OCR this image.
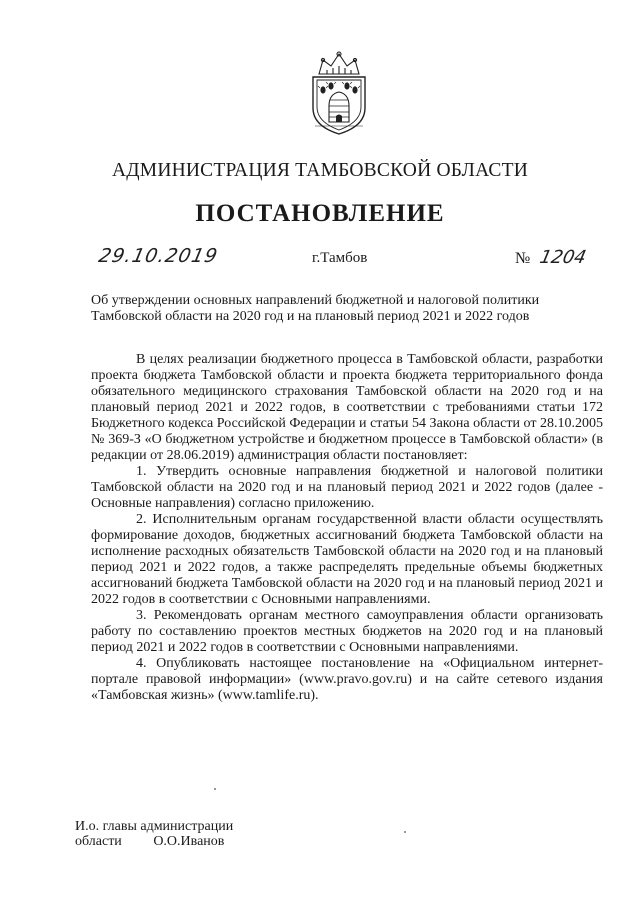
АДМИНИСТРАЦИЯ ТАМБОВСКОЙ ОБЛАСТИ
ПОСТАНОВЛЕНИЕ
29.10.2019	г.Тамбов	№ 1204
Об утверждении основных направлений бюджетной и налоговой политики Тамбовской области на 2020 год и на плановый период 2021 и 2022 годов

В целях реализации бюджетного процесса в Тамбовской области, разработки проекта бюджета Тамбовской области и проекта бюджета территориального фонда обязательного медицинского страхования Тамбовской области на 2020 год и на плановый период 2021 и 2022 годов, в соответствии с требованиями статьи 172 Бюджетного кодекса Российской Федерации и статьи 54 Закона области от 28.10.2005 № 369-З «О бюджетном устройстве и бюджетном процессе в Тамбовской области» (в редакции от 28.06.2019) администрация области постановляет:

1. Утвердить основные направления бюджетной и налоговой политики Тамбовской области на 2020 год и на плановый период 2021 и 2022 годов (далее - Основные направления) согласно приложению.

2. Исполнительным органам государственной власти области осуществлять формирование доходов, бюджетных ассигнований бюджета Тамбовской области на исполнение расходных обязательств Тамбовской области на 2020 год и на плановый период 2021 и 2022 годов, а также распределять предельные объемы бюджетных ассигнований бюджета Тамбовской области на 2020 год и на плановый период 2021 и 2022 годов в соответствии с Основными направлениями.

3. Рекомендовать органам местного самоуправления области организовать работу по составлению проектов местных бюджетов на 2020 год и на плановый период 2021 и 2022 годов в соответствии с Основными направлениями.

4. Опубликовать настоящее постановление на «Официальном интернет-портале правовой информации» (www.pravo.gov.ru) и на сайте сетевого издания «Тамбовская жизнь» (www.tamlife.ru).

И.о. главы администрации
области О.О.Иванов
